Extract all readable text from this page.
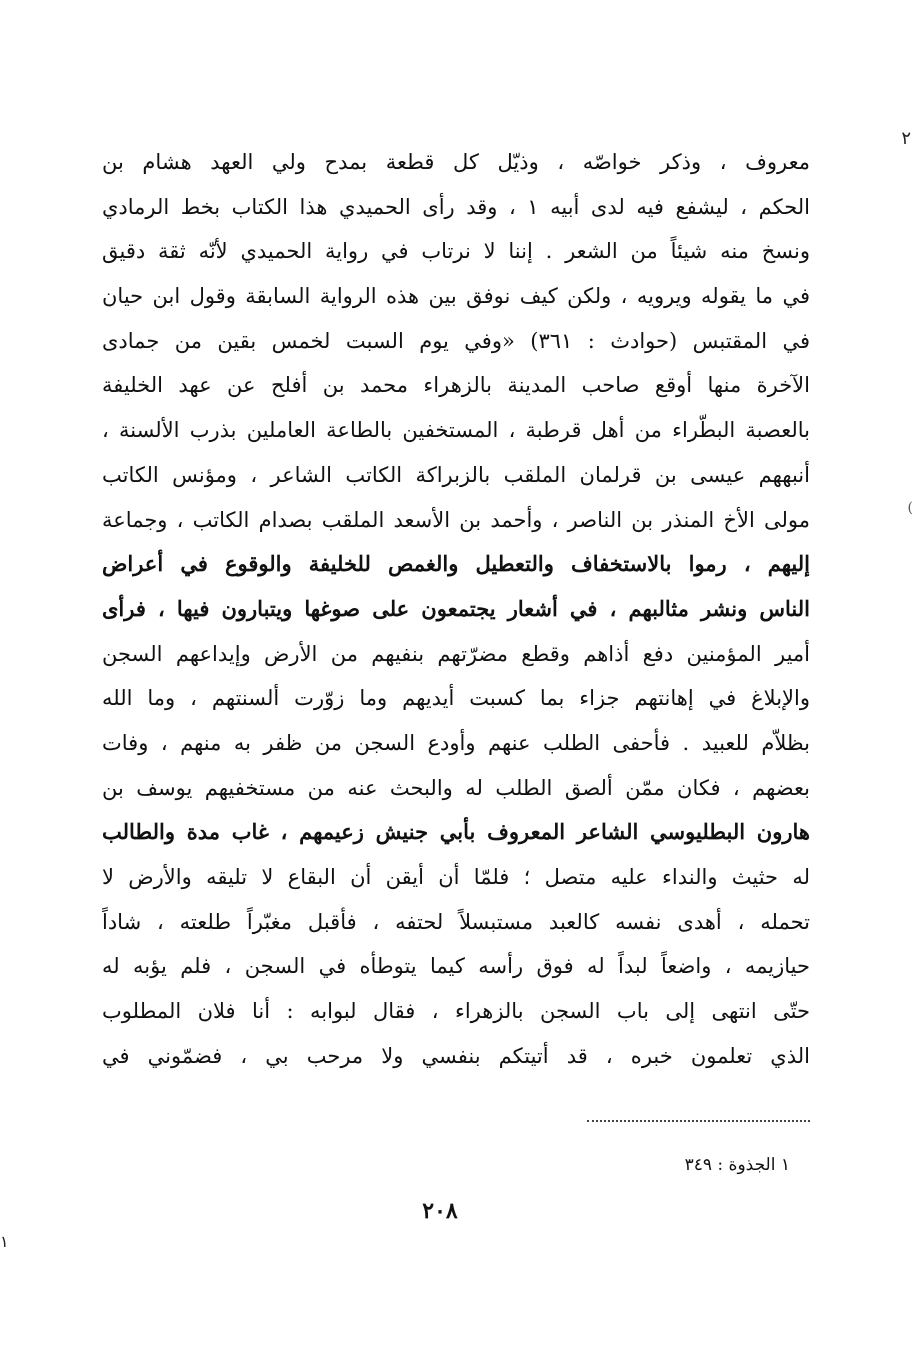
٢
(
١
معروف ، وذكر خواصّه ، وذيّل كل قطعة بمدح ولي العهد هشام بن
الحكم ، ليشفع فيه لدى أبيه ١ ، وقد رأى الحميدي هذا الكتاب بخط الرمادي
ونسخ منه شيئاً من الشعر . إننا لا نرتاب في رواية الحميدي لأنّه ثقة دقيق
في ما يقوله ويرويه ، ولكن كيف نوفق بين هذه الرواية السابقة وقول ابن حيان
في المقتبس (حوادث : ٣٦١) «وفي يوم السبت لخمس بقين من جمادى
الآخرة منها أوقع صاحب المدينة بالزهراء محمد بن أفلح عن عهد الخليفة
بالعصبة البطّراء من أهل قرطبة ، المستخفين بالطاعة العاملين بذرب الألسنة ،
أنبههم عيسى بن قرلمان الملقب بالزبراكة الكاتب الشاعر ، ومؤنس الكاتب
مولى الأخ المنذر بن الناصر ، وأحمد بن الأسعد الملقب بصدام الكاتب ، وجماعة
إليهم ، رموا بالاستخفاف والتعطيل والغمص للخليفة والوقوع في أعراض
الناس ونشر مثالبهم ، في أشعار يجتمعون على صوغها ويتبارون فيها ، فرأى
أمير المؤمنين دفع أذاهم وقطع مضرّتهم بنفيهم من الأرض وإيداعهم السجن
والإبلاغ في إهانتهم جزاء بما كسبت أيديهم وما زوّرت ألسنتهم ، وما الله
بظلاّم للعبيد . فأحفى الطلب عنهم وأودع السجن من ظفر به منهم ، وفات
بعضهم ، فكان ممّن ألصق الطلب له والبحث عنه من مستخفيهم يوسف بن
هارون البطليوسي الشاعر المعروف بأبي جنيش زعيمهم ، غاب مدة والطالب
له حثيث والنداء عليه متصل ؛ فلمّا أن أيقن أن البقاع لا تليقه والأرض لا
تحمله ، أهدى نفسه كالعبد مستبسلاً لحتفه ، فأقبل مغبّراً طلعته ، شاداً
حيازيمه ، واضعاً لبداً له فوق رأسه كيما يتوطأه في السجن ، فلم يؤبه له
حتّى انتهى إلى باب السجن بالزهراء ، فقال لبوابه : أنا فلان المطلوب
الذي تعلمون خبره ، قد أتيتكم بنفسي ولا مرحب بي ، فضمّوني في
١ الجذوة : ٣٤٩
٢٠٨
